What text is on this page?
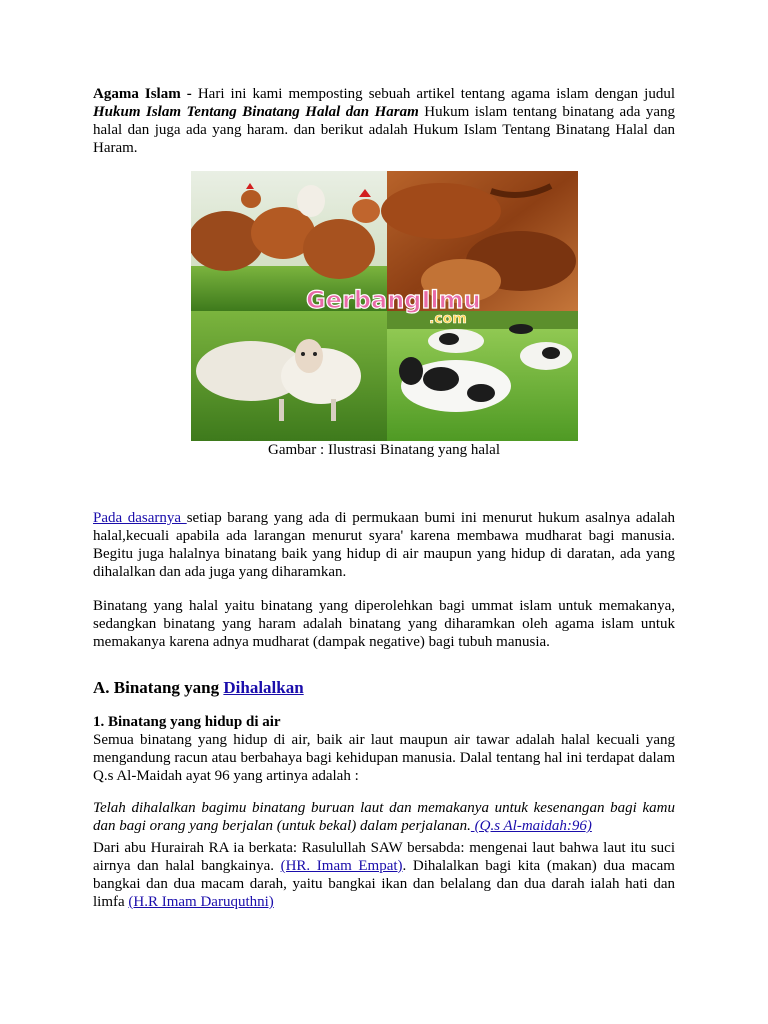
Agama Islam - Hari ini kami memposting sebuah artikel tentang agama islam dengan judul Hukum Islam Tentang Binatang Halal dan Haram Hukum islam tentang binatang ada yang halal dan juga ada yang haram. dan berikut adalah Hukum Islam Tentang Binatang Halal dan Haram.

GerbangIlmu
.com
Gambar : Ilustrasi Binatang yang halal

Pada dasarnya setiap barang yang ada di permukaan bumi ini menurut hukum asalnya adalah halal,kecuali apabila ada larangan menurut syara' karena membawa mudharat bagi manusia. Begitu juga halalnya binatang baik yang hidup di air maupun yang hidup di daratan, ada yang dihalalkan dan ada juga yang diharamkan.

Binatang yang halal yaitu binatang yang diperolehkan bagi ummat islam untuk memakanya, sedangkan binatang yang haram adalah binatang yang diharamkan oleh agama islam untuk memakanya karena adnya mudharat (dampak negative) bagi tubuh manusia.

A. Binatang yang Dihalalkan

1. Binatang yang hidup di air

Semua binatang yang hidup di air, baik air laut maupun air tawar adalah halal kecuali yang mengandung racun atau berbahaya bagi kehidupan manusia. Dalal tentang hal ini terdapat dalam Q.s Al-Maidah ayat 96 yang artinya adalah :

Telah dihalalkan bagimu binatang buruan laut dan memakanya untuk kesenangan bagi kamu dan bagi orang yang berjalan (untuk bekal) dalam perjalanan. (Q.s Al-maidah:96)

Dari abu Hurairah RA ia berkata: Rasulullah SAW bersabda: mengenai laut bahwa laut itu suci airnya dan halal bangkainya. (HR. Imam Empat). Dihalalkan bagi kita (makan) dua macam bangkai dan dua macam darah, yaitu bangkai ikan dan belalang dan dua darah ialah hati dan limfa (H.R Imam Daruquthni)
